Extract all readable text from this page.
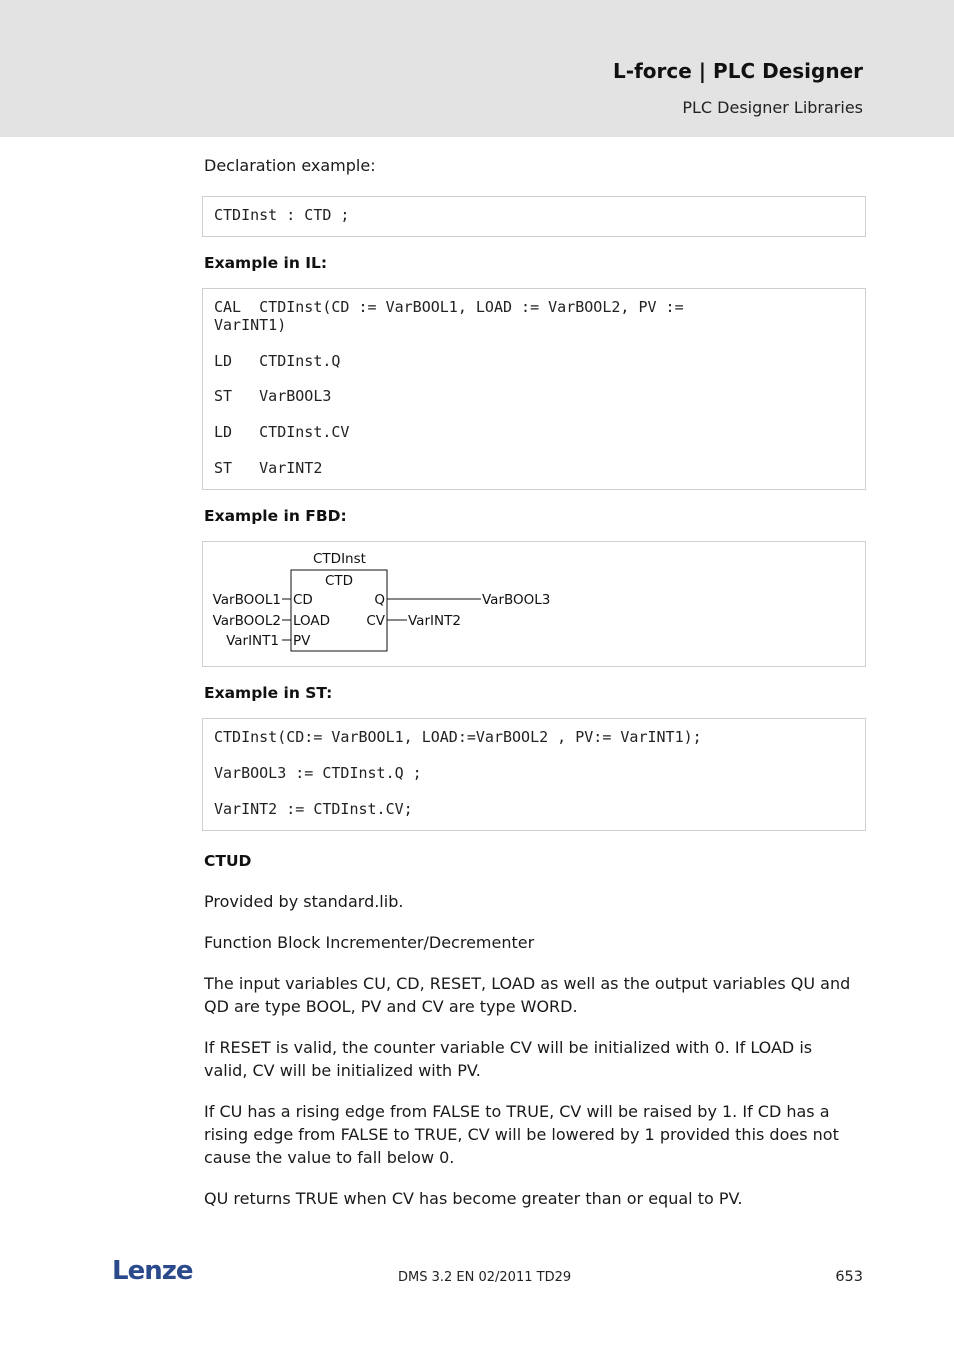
L-force | PLC Designer
PLC Designer Libraries
Declaration example:
CTDInst : CTD ;
Example in IL:
CAL  CTDInst(CD := VarBOOL1, LOAD := VarBOOL2, PV :=
VarINT1)
LD   CTDInst.Q
ST   VarBOOL3
LD   CTDInst.CV
ST   VarINT2
Example in FBD:
CTDInst
CTD
CD
LOAD
PV
Q
CV
VarBOOL1
VarBOOL2
VarINT1
VarBOOL3
VarINT2
Example in ST:
CTDInst(CD:= VarBOOL1, LOAD:=VarBOOL2 , PV:= VarINT1);
VarBOOL3 := CTDInst.Q ;
VarINT2 := CTDInst.CV;
CTUD
Provided by standard.lib.
Function Block Incrementer/Decrementer
The input variables CU, CD, RESET, LOAD as well as the output variables QU and QD are type BOOL, PV and CV are type WORD.
If RESET is valid, the counter variable CV will be initialized with 0. If LOAD is valid, CV will be initialized with PV.
If CU has a rising edge from FALSE to TRUE, CV will be raised by 1. If CD has a rising edge from FALSE to TRUE, CV will be lowered by 1 provided this does not cause the value to fall below 0.
QU returns TRUE when CV has become greater than or equal to PV.
Lenze	DMS 3.2 EN 02/2011 TD29	653
